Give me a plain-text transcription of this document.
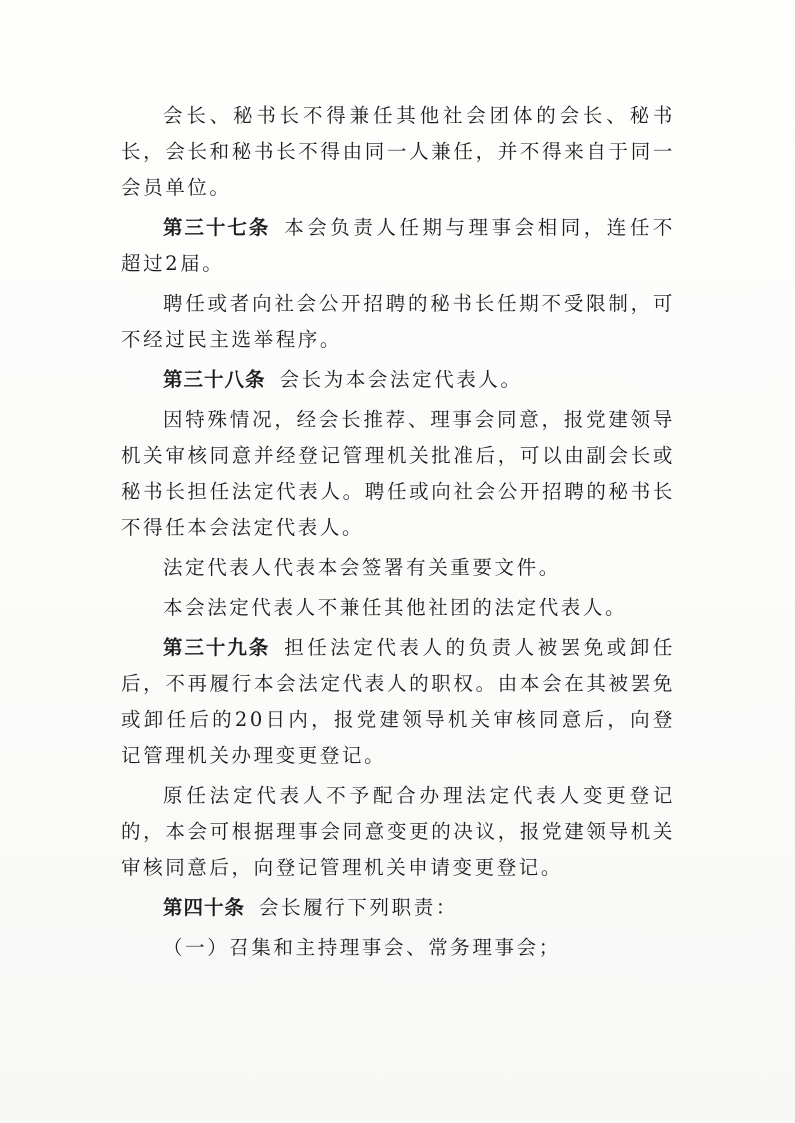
会长、秘书长不得兼任其他社会团体的会长、秘书长，会长和秘书长不得由同一人兼任，并不得来自于同一会员单位。

第三十七条 本会负责人任期与理事会相同，连任不超过2届。

聘任或者向社会公开招聘的秘书长任期不受限制，可不经过民主选举程序。

第三十八条 会长为本会法定代表人。

因特殊情况，经会长推荐、理事会同意，报党建领导机关审核同意并经登记管理机关批准后，可以由副会长或秘书长担任法定代表人。聘任或向社会公开招聘的秘书长不得任本会法定代表人。

法定代表人代表本会签署有关重要文件。

本会法定代表人不兼任其他社团的法定代表人。

第三十九条 担任法定代表人的负责人被罢免或卸任后，不再履行本会法定代表人的职权。由本会在其被罢免或卸任后的20日内，报党建领导机关审核同意后，向登记管理机关办理变更登记。

原任法定代表人不予配合办理法定代表人变更登记的，本会可根据理事会同意变更的决议，报党建领导机关审核同意后，向登记管理机关申请变更登记。

第四十条 会长履行下列职责：

（一）召集和主持理事会、常务理事会；
